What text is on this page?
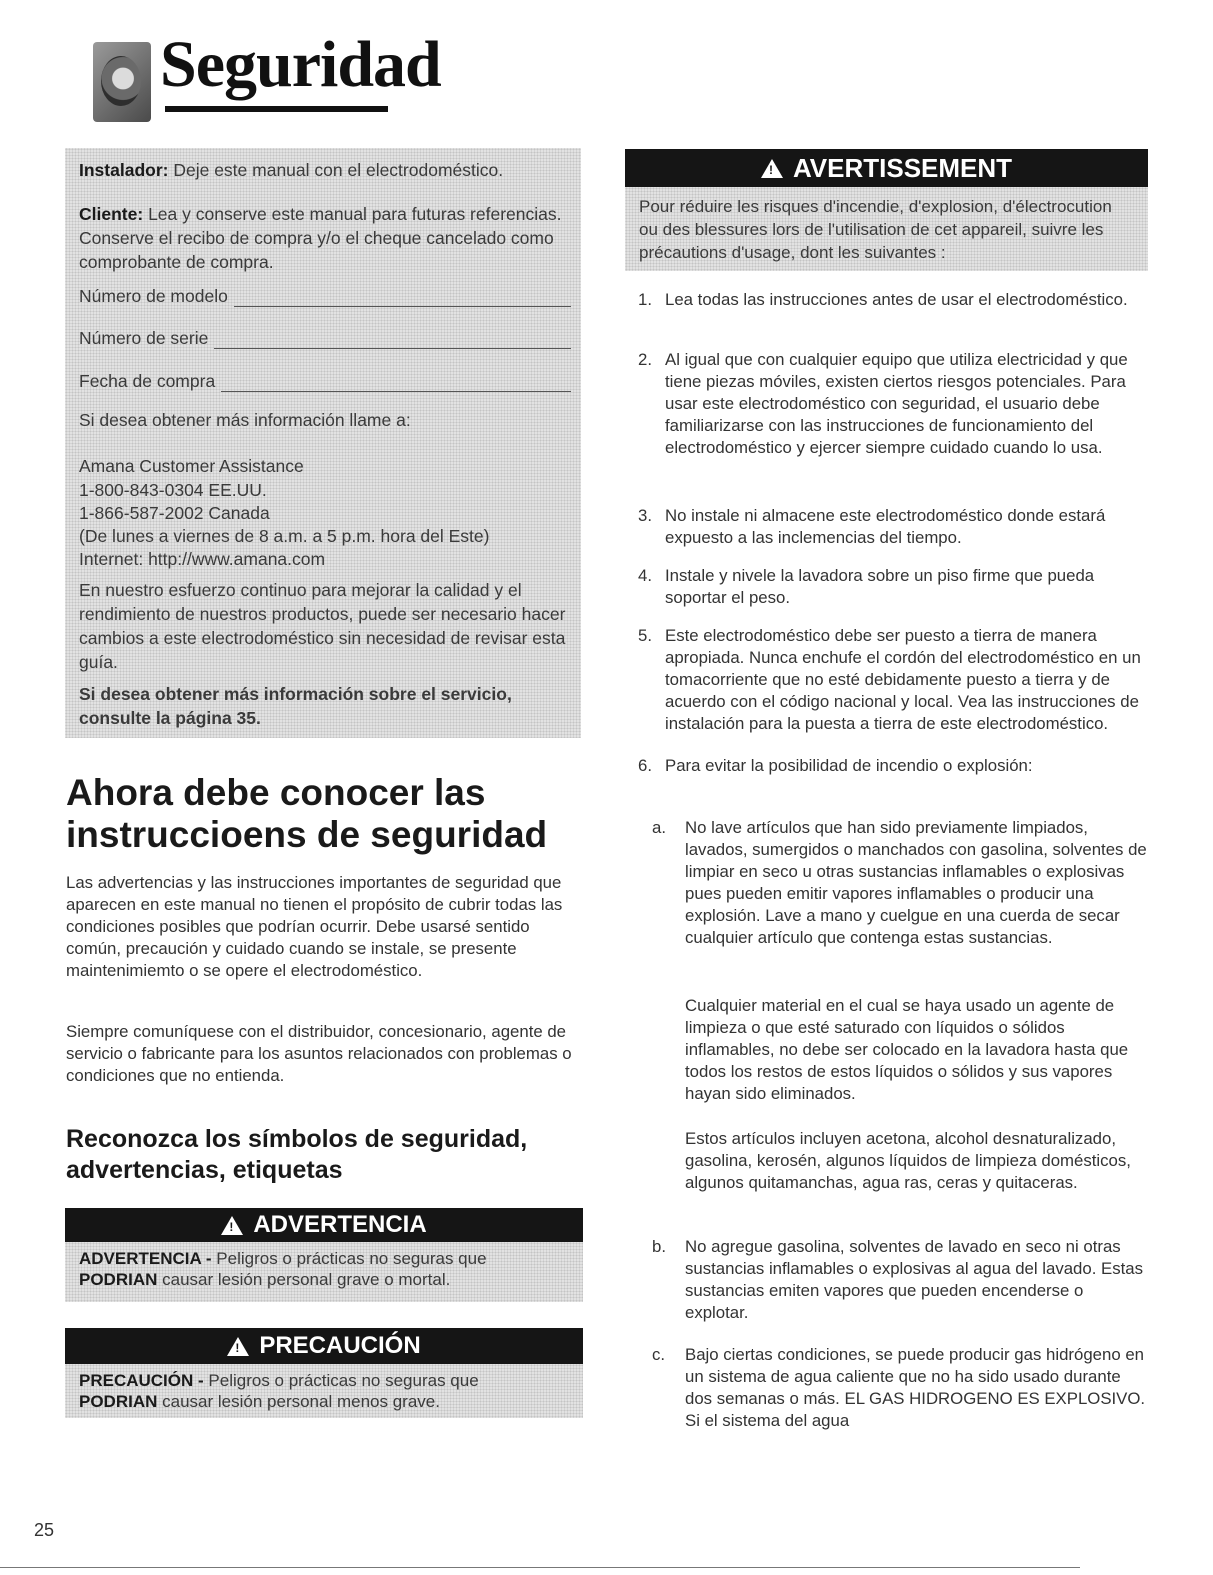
Seguridad

Instalador: Deje este manual con el electrodoméstico.

Cliente: Lea y conserve este manual para futuras referencias. Conserve el recibo de compra y/o el cheque cancelado como comprobante de compra.

Número de modelo
Número de serie
Fecha de compra

Si desea obtener más información llame a:

Amana Customer Assistance

1-800-843-0304 EE.UU.

1-866-587-2002 Canada

(De lunes a viernes de 8 a.m. a 5 p.m. hora del Este)

Internet: http://www.amana.com

En nuestro esfuerzo continuo para mejorar la calidad y el rendimiento de nuestros productos, puede ser necesario hacer cambios a este electrodoméstico sin necesidad de revisar esta guía.

Si desea obtener más información sobre el servicio, consulte la página 35.

Ahora debe conocer las instruccioens de seguridad

Las advertencias y las instrucciones importantes de seguridad que aparecen en este manual no tienen el propósito de cubrir todas las condiciones posibles que podrían ocurrir. Debe usarsé sentido común, precaución y cuidado cuando se instale, se presente maintenimiemto o se opere el electrodoméstico.

Siempre comuníquese con el distribuidor, concesionario, agente de servicio o fabricante para los asuntos relacionados con problemas o condiciones que no entienda.

Reconozca los símbolos de seguridad, advertencias, etiquetas
!
ADVERTENCIA
ADVERTENCIA - Peligros o prácticas no seguras que
PODRIAN causar lesión personal grave o mortal.
!
PRECAUCIÓN
PRECAUCIÓN - Peligros o prácticas no seguras que
PODRIAN causar lesión personal menos grave.
!
AVERTISSEMENT
Pour réduire les risques d'incendie, d'explosion, d'électrocution ou des blessures lors de l'utilisation de cet appareil, suivre les précautions d'usage, dont les suivantes :
1. Lea todas las instrucciones antes de usar el electrodoméstico.
2. Al igual que con cualquier equipo que utiliza electricidad y que tiene piezas móviles, existen ciertos riesgos potenciales. Para usar este electrodoméstico con seguridad, el usuario debe familiarizarse con las instrucciones de funcionamiento del electrodoméstico y ejercer siempre cuidado cuando lo usa.
3. No instale ni almacene este electrodoméstico donde estará expuesto a las inclemencias del tiempo.
4. Instale y nivele la lavadora sobre un piso firme que pueda soportar el peso.
5. Este electrodoméstico debe ser puesto a tierra de manera apropiada. Nunca enchufe el cordón del electrodoméstico en un tomacorriente que no esté debidamente puesto a tierra y de acuerdo con el código nacional y local. Vea las instrucciones de instalación para la puesta a tierra de este electrodoméstico.
6. Para evitar la posibilidad de incendio o explosión:
a.	No lave artículos que han sido previamente limpiados, lavados, sumergidos o manchados con gasolina, solventes de limpiar en seco u otras sustancias inflamables o explosivas pues pueden emitir vapores inflamables o producir una explosión. Lave a mano y cuelgue en una cuerda de secar cualquier artículo que contenga estas sustancias.
Cualquier material en el cual se haya usado un agente de limpieza o que esté saturado con líquidos o sólidos inflamables, no debe ser colocado en la lavadora hasta que todos los restos de estos líquidos o sólidos y sus vapores hayan sido eliminados.
Estos artículos incluyen acetona, alcohol desnaturalizado, gasolina, kerosén, algunos líquidos de limpieza domésticos, algunos quitamanchas, agua ras, ceras y quitaceras.
b.	No agregue gasolina, solventes de lavado en seco ni otras sustancias inflamables o explosivas al agua del lavado. Estas sustancias emiten vapores que pueden encenderse o explotar.
c.	Bajo ciertas condiciones, se puede producir gas hidrógeno en un sistema de agua caliente que no ha sido usado durante dos semanas o más. EL GAS HIDROGENO ES EXPLOSIVO. Si el sistema del agua
25
